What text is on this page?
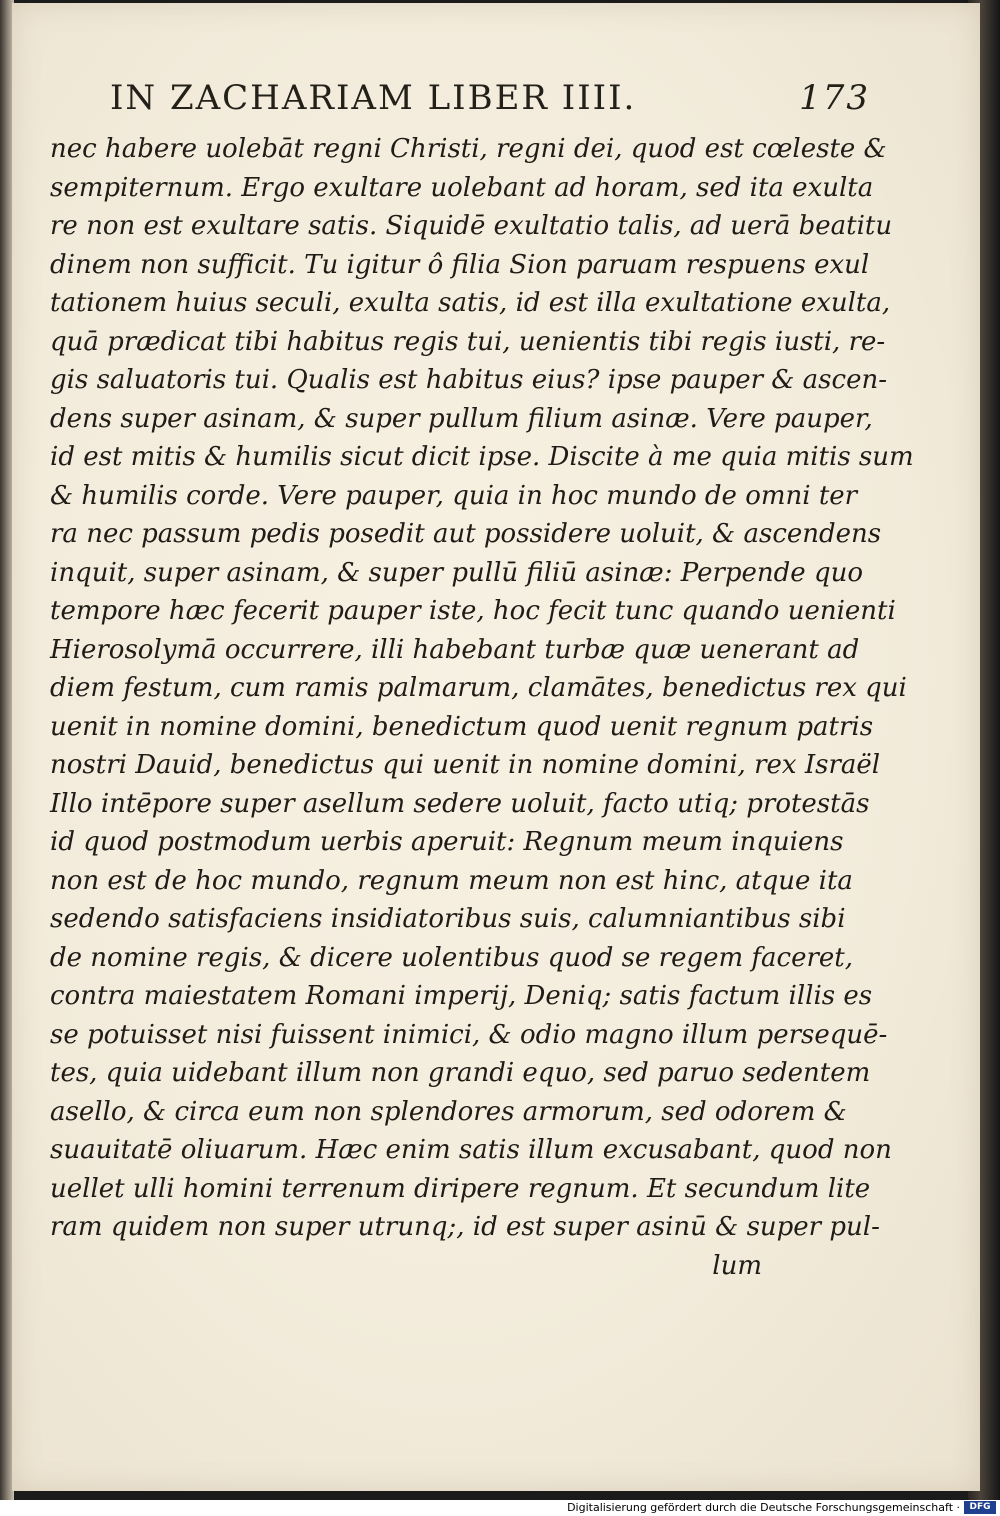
IN ZACHARIAM LIBER IIII.	173
nec habere uolebāt regni Christi, regni dei, quod est cœleste &
sempiternum. Ergo exultare uolebant ad horam, sed ita exulta
re non est exultare satis. Siquidē exultatio talis, ad uerā beatitu
dinem non sufficit. Tu igitur ô filia Sion paruam respuens exul
tationem huius seculi, exulta satis, id est illa exultatione exulta,
quā prædicat tibi habitus regis tui, uenientis tibi regis iusti, re-
gis saluatoris tui. Qualis est habitus eius? ipse pauper & ascen-
dens super asinam, & super pullum filium asinæ. Vere pauper,
id est mitis & humilis sicut dicit ipse. Discite à me quia mitis sum
& humilis corde. Vere pauper, quia in hoc mundo de omni ter
ra nec passum pedis posedit aut possidere uoluit, & ascendens
inquit, super asinam, & super pullū filiū asinæ: Perpende quo
tempore hæc fecerit pauper iste, hoc fecit tunc quando uenienti
Hierosolymā occurrere, illi habebant turbæ quæ uenerant ad
diem festum, cum ramis palmarum, clamātes, benedictus rex qui
uenit in nomine domini, benedictum quod uenit regnum patris
nostri Dauid, benedictus qui uenit in nomine domini, rex Israël
Illo intēpore super asellum sedere uoluit, facto utiq; protestās
id quod postmodum uerbis aperuit: Regnum meum inquiens
non est de hoc mundo, regnum meum non est hinc, atque ita
sedendo satisfaciens insidiatoribus suis, calumniantibus sibi
de nomine regis, & dicere uolentibus quod se regem faceret,
contra maiestatem Romani imperij, Deniq; satis factum illis es
se potuisset nisi fuissent inimici, & odio magno illum persequē-
tes, quia uidebant illum non grandi equo, sed paruo sedentem
asello, & circa eum non splendores armorum, sed odorem &
suauitatē oliuarum. Hæc enim satis illum excusabant, quod non
uellet ulli homini terrenum diripere regnum. Et secundum lite
ram quidem non super utrunq;, id est super asinū & super pul-
lum
Digitalisierung gefördert durch die Deutsche Forschungsgemeinschaft ·	DFG
